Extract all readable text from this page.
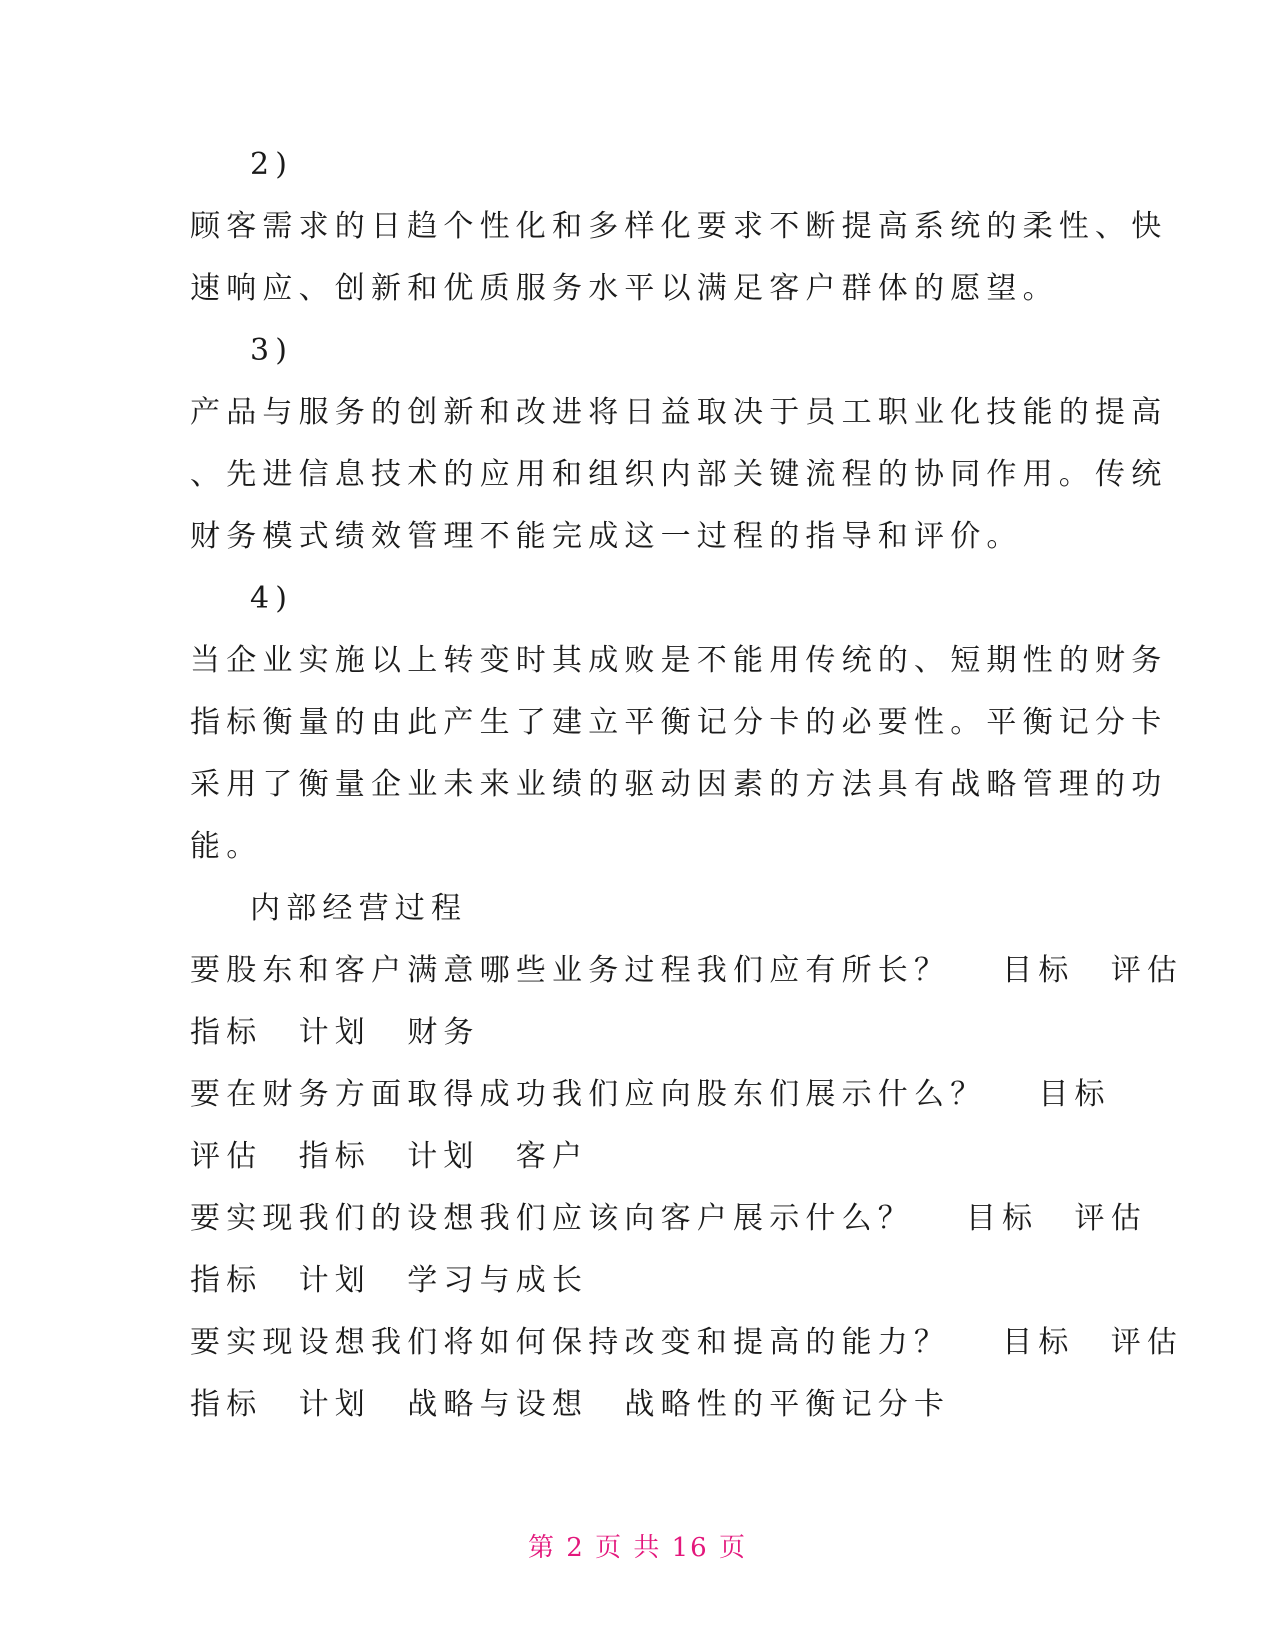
2)
顾客需求的日趋个性化和多样化要求不断提高系统的柔性、快
速响应、创新和优质服务水平以满足客户群体的愿望。
3)
产品与服务的创新和改进将日益取决于员工职业化技能的提高
、先进信息技术的应用和组织内部关键流程的协同作用。传统
财务模式绩效管理不能完成这一过程的指导和评价。
4)
当企业实施以上转变时其成败是不能用传统的、短期性的财务
指标衡量的由此产生了建立平衡记分卡的必要性。平衡记分卡
采用了衡量企业未来业绩的驱动因素的方法具有战略管理的功
能。
内部经营过程
要股东和客户满意哪些业务过程我们应有所长？　 目标　评估
指标　计划　财务
要在财务方面取得成功我们应向股东们展示什么？　 目标
评估　指标　计划　客户
要实现我们的设想我们应该向客户展示什么？　 目标　评估
指标　计划　学习与成长
要实现设想我们将如何保持改变和提高的能力？　 目标　评估
指标　计划　战略与设想　战略性的平衡记分卡
第 2 页 共 16 页
